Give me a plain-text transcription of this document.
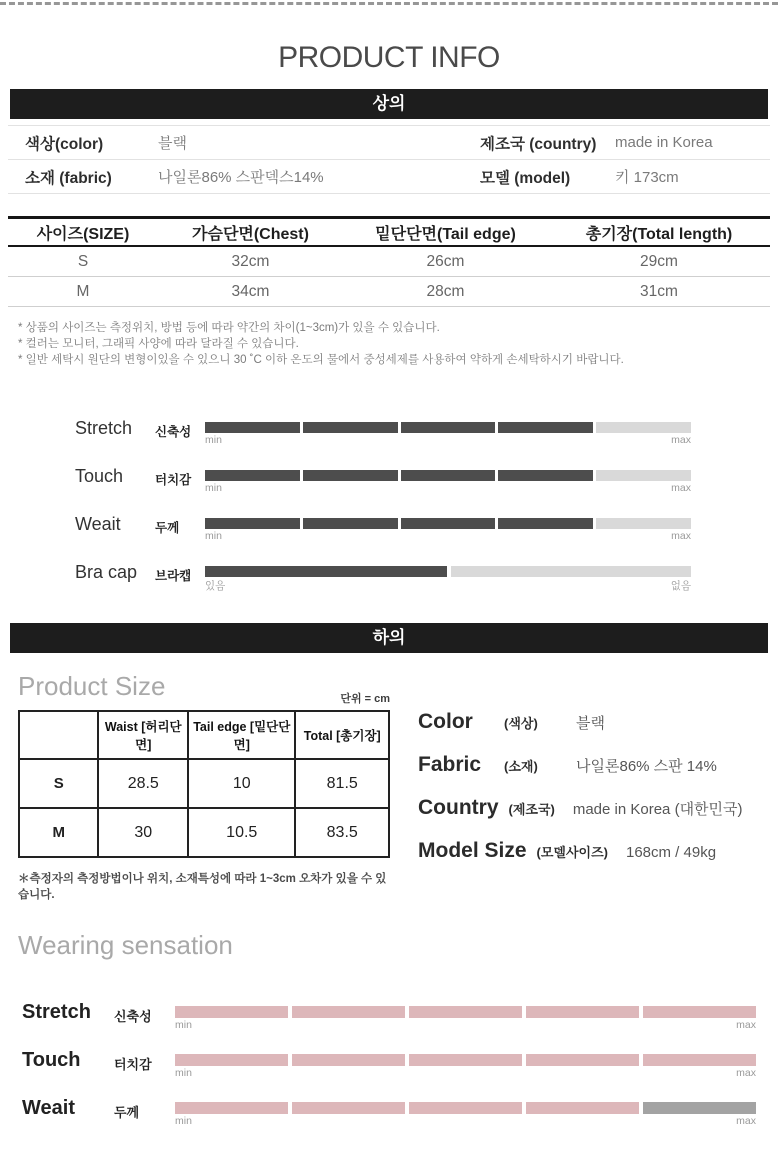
PRODUCT INFO
상의
색상(color)	블랙	제조국 (country)	made in Korea
소재 (fabric)	나일론86% 스판덱스14%	모델 (model)	키 173cm
사이즈(SIZE)	가슴단면(Chest)	밑단단면(Tail edge)	총기장(Total length)
S	32cm	26cm	29cm
M	34cm	28cm	31cm
* 상품의 사이즈는 측정위치, 방법 등에 따라 약간의 차이(1~3cm)가 있을 수 있습니다.
* 컬러는 모니터, 그래픽 사양에 따라 달라질 수 있습니다.
* 일반 세탁시 원단의 변형이있을 수 있으니 30 ˚C 이하 온도의 물에서 중성세제를 사용하여 약하게 손세탁하시기 바랍니다.
Stretch	신축성
min	max
Touch	터치감
min	max
Weait	두께
min	max
Bra cap	브라캡
있음	없음
하의
Product Size	단위 = cm
	Waist [허리단면]	Tail edge [밑단단면]	Total [총기장]
S	28.5	10	81.5
M	30	10.5	83.5
＊측정자의 측정방법이나 위치, 소재특성에 따라 1~3cm 오차가 있을 수 있습니다.
Color	(색상)	블랙
Fabric	(소재)	나일론86% 스판 14%
Country (제조국) made in Korea (대한민국)
Model Size (모델사이즈) 168cm / 49kg
Wearing sensation
Stretch	신축성
min	max
Touch	터치감
min	max
Weait	두께
min	max
